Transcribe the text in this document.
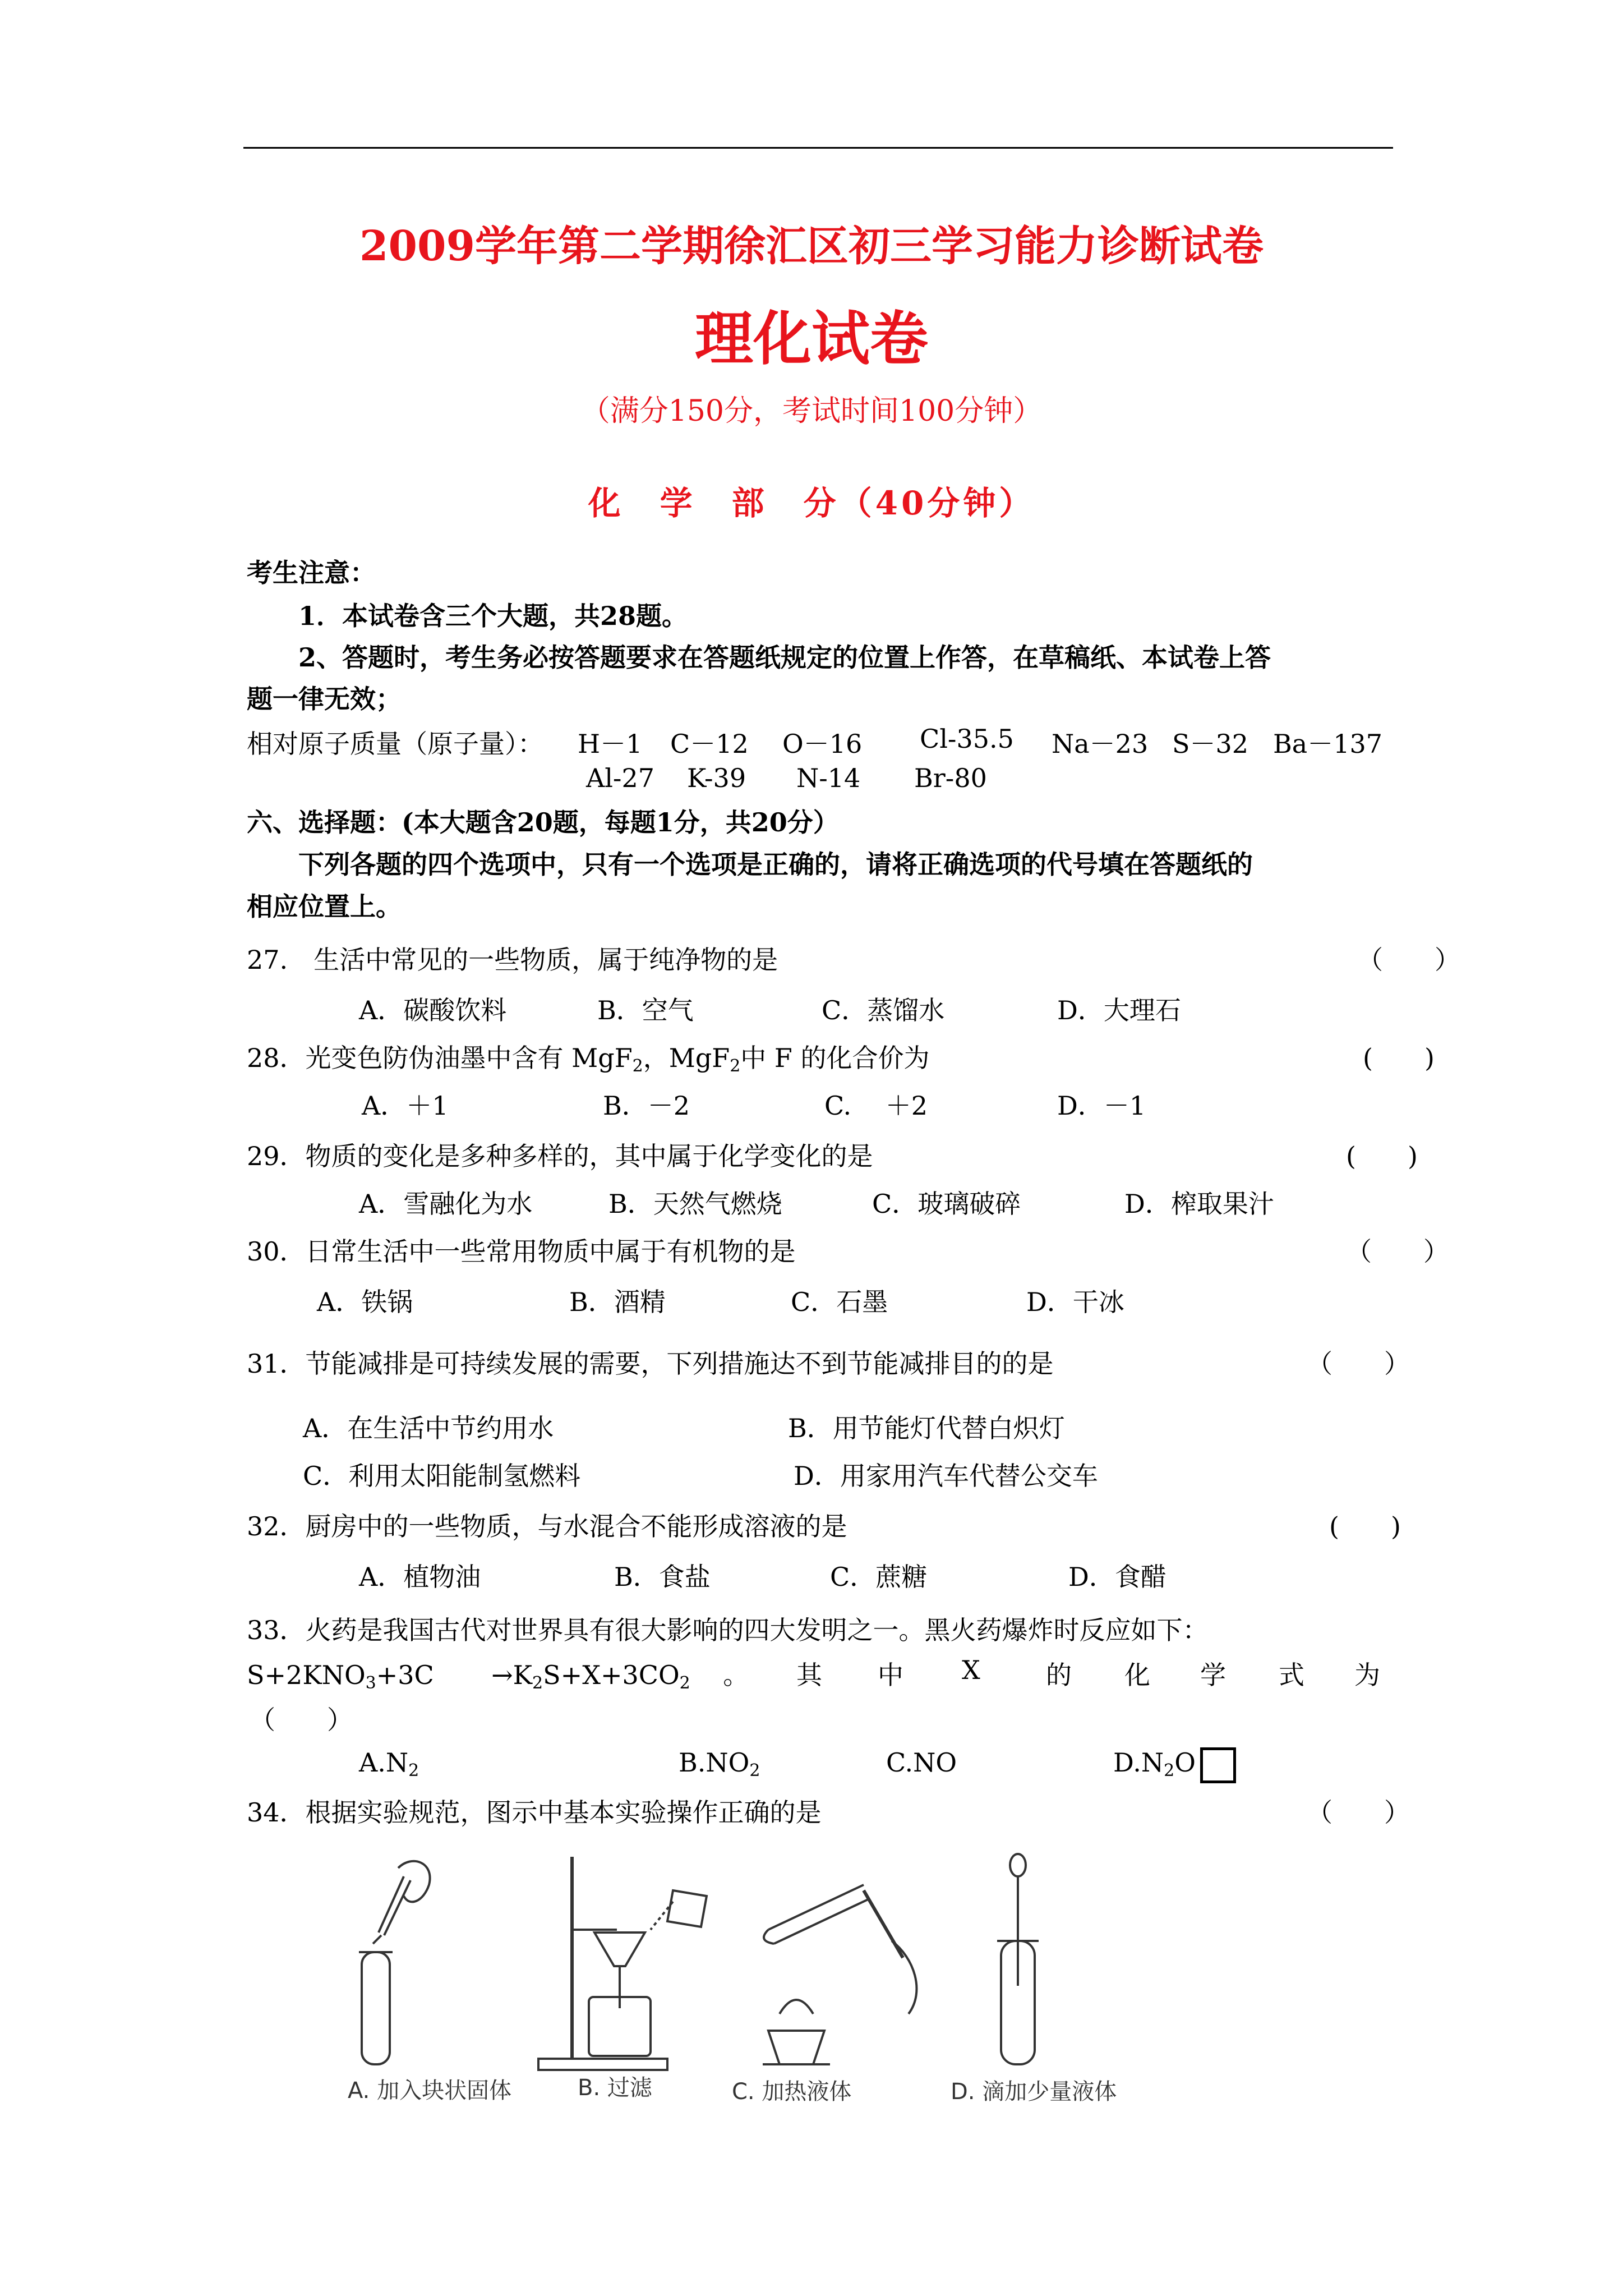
2009学年第二学期徐汇区初三学习能力诊断试卷
理化试卷
（满分150分，考试时间100分钟）
化　学　部　分（40分钟）
考生注意：
1．本试卷含三个大题，共28题。
2、答题时，考生务必按答题要求在答题纸规定的位置上作答，在草稿纸、本试卷上答
题一律无效；
相对原子质量（原子量）： H－1 C－12 O－16 Cl-35.5 Na－23 S－32 Ba－137
Al-27 K-39 N-14 Br-80
六、选择题：(本大题含20题，每题1分，共20分）
下列各题的四个选项中，只有一个选项是正确的，请将正确选项的代号填在答题纸的
相应位置上。
27.　生活中常见的一些物质，属于纯净物的是	（　　）
A．碳酸饮料	B．空气	C．蒸馏水	D．大理石
28．光变色防伪油墨中含有 MgF$_2$，MgF$_2$中 F 的化合价为	(　　)
A．＋1	B．－2	C.　 ＋2	D．－1
29．物质的变化是多种多样的，其中属于化学变化的是	(　　)
A．雪融化为水	B．天然气燃烧	C．玻璃破碎	D．榨取果汁
30．日常生活中一些常用物质中属于有机物的是	（　　）
A．铁锅	B．酒精	C．石墨	D．干冰
31．节能减排是可持续发展的需要，下列措施达不到节能减排目的的是	（　　）
A．在生活中节约用水	B．用节能灯代替白炽灯
C．利用太阳能制氢燃料	D．用家用汽车代替公交车
32．厨房中的一些物质，与水混合不能形成溶液的是	(　　)
A．植物油	B．食盐	C．蔗糖	D．食醋
33．火药是我国古代对世界具有很大影响的四大发明之一。黑火药爆炸时反应如下：
$S+2KNO_3+3C \to K_2S+X+3CO_2$ 。 其 中 X	的 化 学 式 为
（　　）
$A.N_2$	$B.NO_2$	C.NO	$D.N_2O$
34．根据实验规范，图示中基本实验操作正确的是	（　　）
A. 加入块状固体	B. 过滤	C. 加热液体	D. 滴加少量液体
